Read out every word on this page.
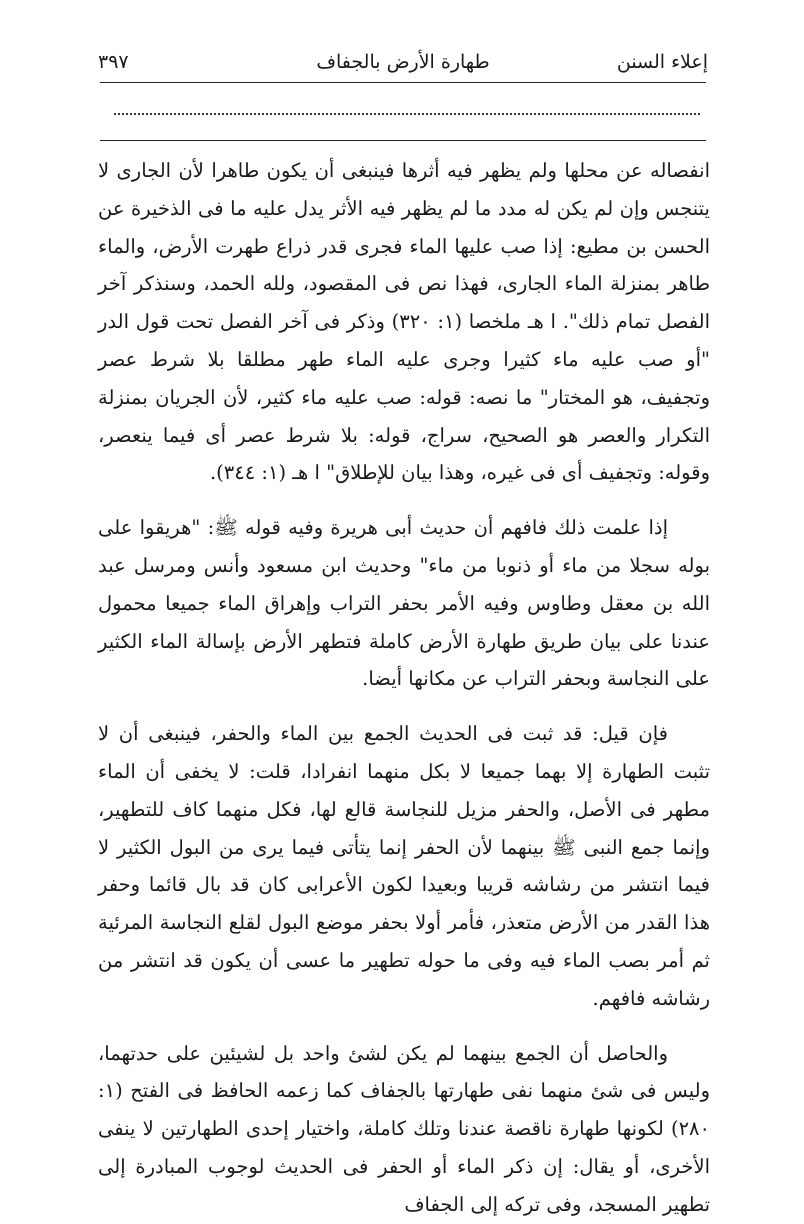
إعلاء السنن
طهارة الأرض بالجفاف
٣٩٧

انفصاله عن محلها ولم يظهر فيه أثرها فينبغى أن يكون طاهرا لأن الجارى لا يتنجس وإن لم يكن له مدد ما لم يظهر فيه الأثر يدل عليه ما فى الذخيرة عن الحسن بن مطيع: إذا صب عليها الماء فجرى قدر ذراع طهرت الأرض، والماء طاهر بمنزلة الماء الجارى، فهذا نص فى المقصود، ولله الحمد، وسنذكر آخر الفصل تمام ذلك". ا هـ ملخصا (١: ٣٢٠) وذكر فى آخر الفصل تحت قول الدر "أو صب عليه ماء كثيرا وجرى عليه الماء طهر مطلقا بلا شرط عصر وتجفيف، هو المختار" ما نصه: قوله: صب عليه ماء كثير، لأن الجريان بمنزلة التكرار والعصر هو الصحيح، سراج، قوله: بلا شرط عصر أى فيما ينعصر، وقوله: وتجفيف أى فى غيره، وهذا بيان للإطلاق" ا هـ (١: ٣٤٤).

إذا علمت ذلك فافهم أن حديث أبى هريرة وفيه قوله ﷺ: "هريقوا على بوله سجلا من ماء أو ذنوبا من ماء" وحديث ابن مسعود وأنس ومرسل عبد الله بن معقل وطاوس وفيه الأمر بحفر التراب وإهراق الماء جميعا محمول عندنا على بيان طريق طهارة الأرض كاملة فتطهر الأرض بإسالة الماء الكثير على النجاسة وبحفر التراب عن مكانها أيضا.

فإن قيل: قد ثبت فى الحديث الجمع بين الماء والحفر، فينبغى أن لا تثبت الطهارة إلا بهما جميعا لا بكل منهما انفرادا، قلت: لا يخفى أن الماء مطهر فى الأصل، والحفر مزيل للنجاسة قالع لها، فكل منهما كاف للتطهير، وإنما جمع النبى ﷺ بينهما لأن الحفر إنما يتأتى فيما يرى من البول الكثير لا فيما انتشر من رشاشه قريبا وبعيدا لكون الأعرابى كان قد بال قائما وحفر هذا القدر من الأرض متعذر، فأمر أولا بحفر موضع البول لقلع النجاسة المرئية ثم أمر بصب الماء فيه وفى ما حوله تطهير ما عسى أن يكون قد انتشر من رشاشه فافهم.

والحاصل أن الجمع بينهما لم يكن لشئ واحد بل لشيئين على حدتهما، وليس فى شئ منهما نفى طهارتها بالجفاف كما زعمه الحافظ فى الفتح (١: ٢٨٠) لكونها طهارة ناقصة عندنا وتلك كاملة، واختيار إحدى الطهارتين لا ينفى الأخرى، أو يقال: إن ذكر الماء أو الحفر فى الحديث لوجوب المبادرة إلى تطهير المسجد، وفى تركه إلى الجفاف
